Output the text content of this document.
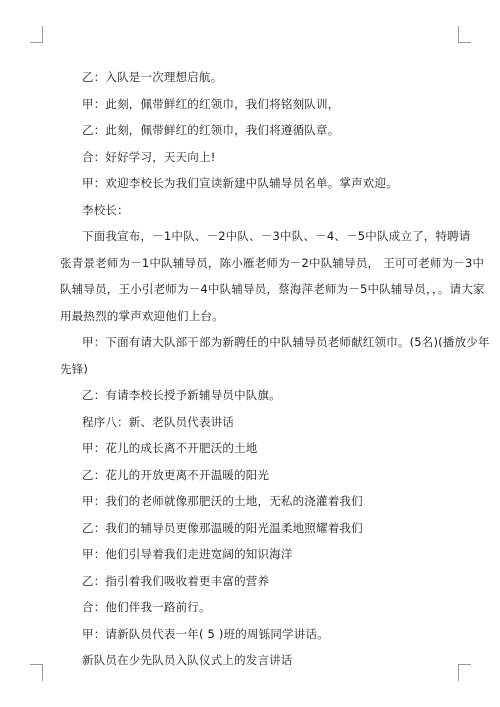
乙：入队是一次理想启航。
甲：此刻，佩带鲜红的红领巾，我们将铭刻队训，
乙：此刻，佩带鲜红的红领巾，我们将遵循队章。
合：好好学习，天天向上!
甲：欢迎李校长为我们宣读新建中队辅导员名单。掌声欢迎。
李校长：
下面我宣布，－1中队、－2中队、－3中队、－4、－5中队成立了，特聘请
张青景老师为－1中队辅导员，陈小雁老师为－2中队辅导员， 王可可老师为－3中
队辅导员，王小引老师为－4中队辅导员，蔡海萍老师为－5中队辅导员，，。请大家
用最热烈的掌声欢迎他们上台。
甲：下面有请大队部干部为新聘任的中队辅导员老师献红领巾。(5名)(播放少年
先锋)
乙：有请李校长授予新辅导员中队旗。
程序八：新、老队员代表讲话
甲：花儿的成长离不开肥沃的土地
乙：花儿的开放更离不开温暖的阳光
甲：我们的老师就像那肥沃的土地，无私的浇灌着我们
乙：我们的辅导员更像那温暖的阳光温柔地照耀着我们
甲：他们引导着我们走进宽阔的知识海洋
乙：指引着我们吸收着更丰富的营养
合：他们伴我一路前行。
甲：请新队员代表一年( 5 )班的周铄同学讲话。
新队员在少先队员入队仪式上的发言讲话
